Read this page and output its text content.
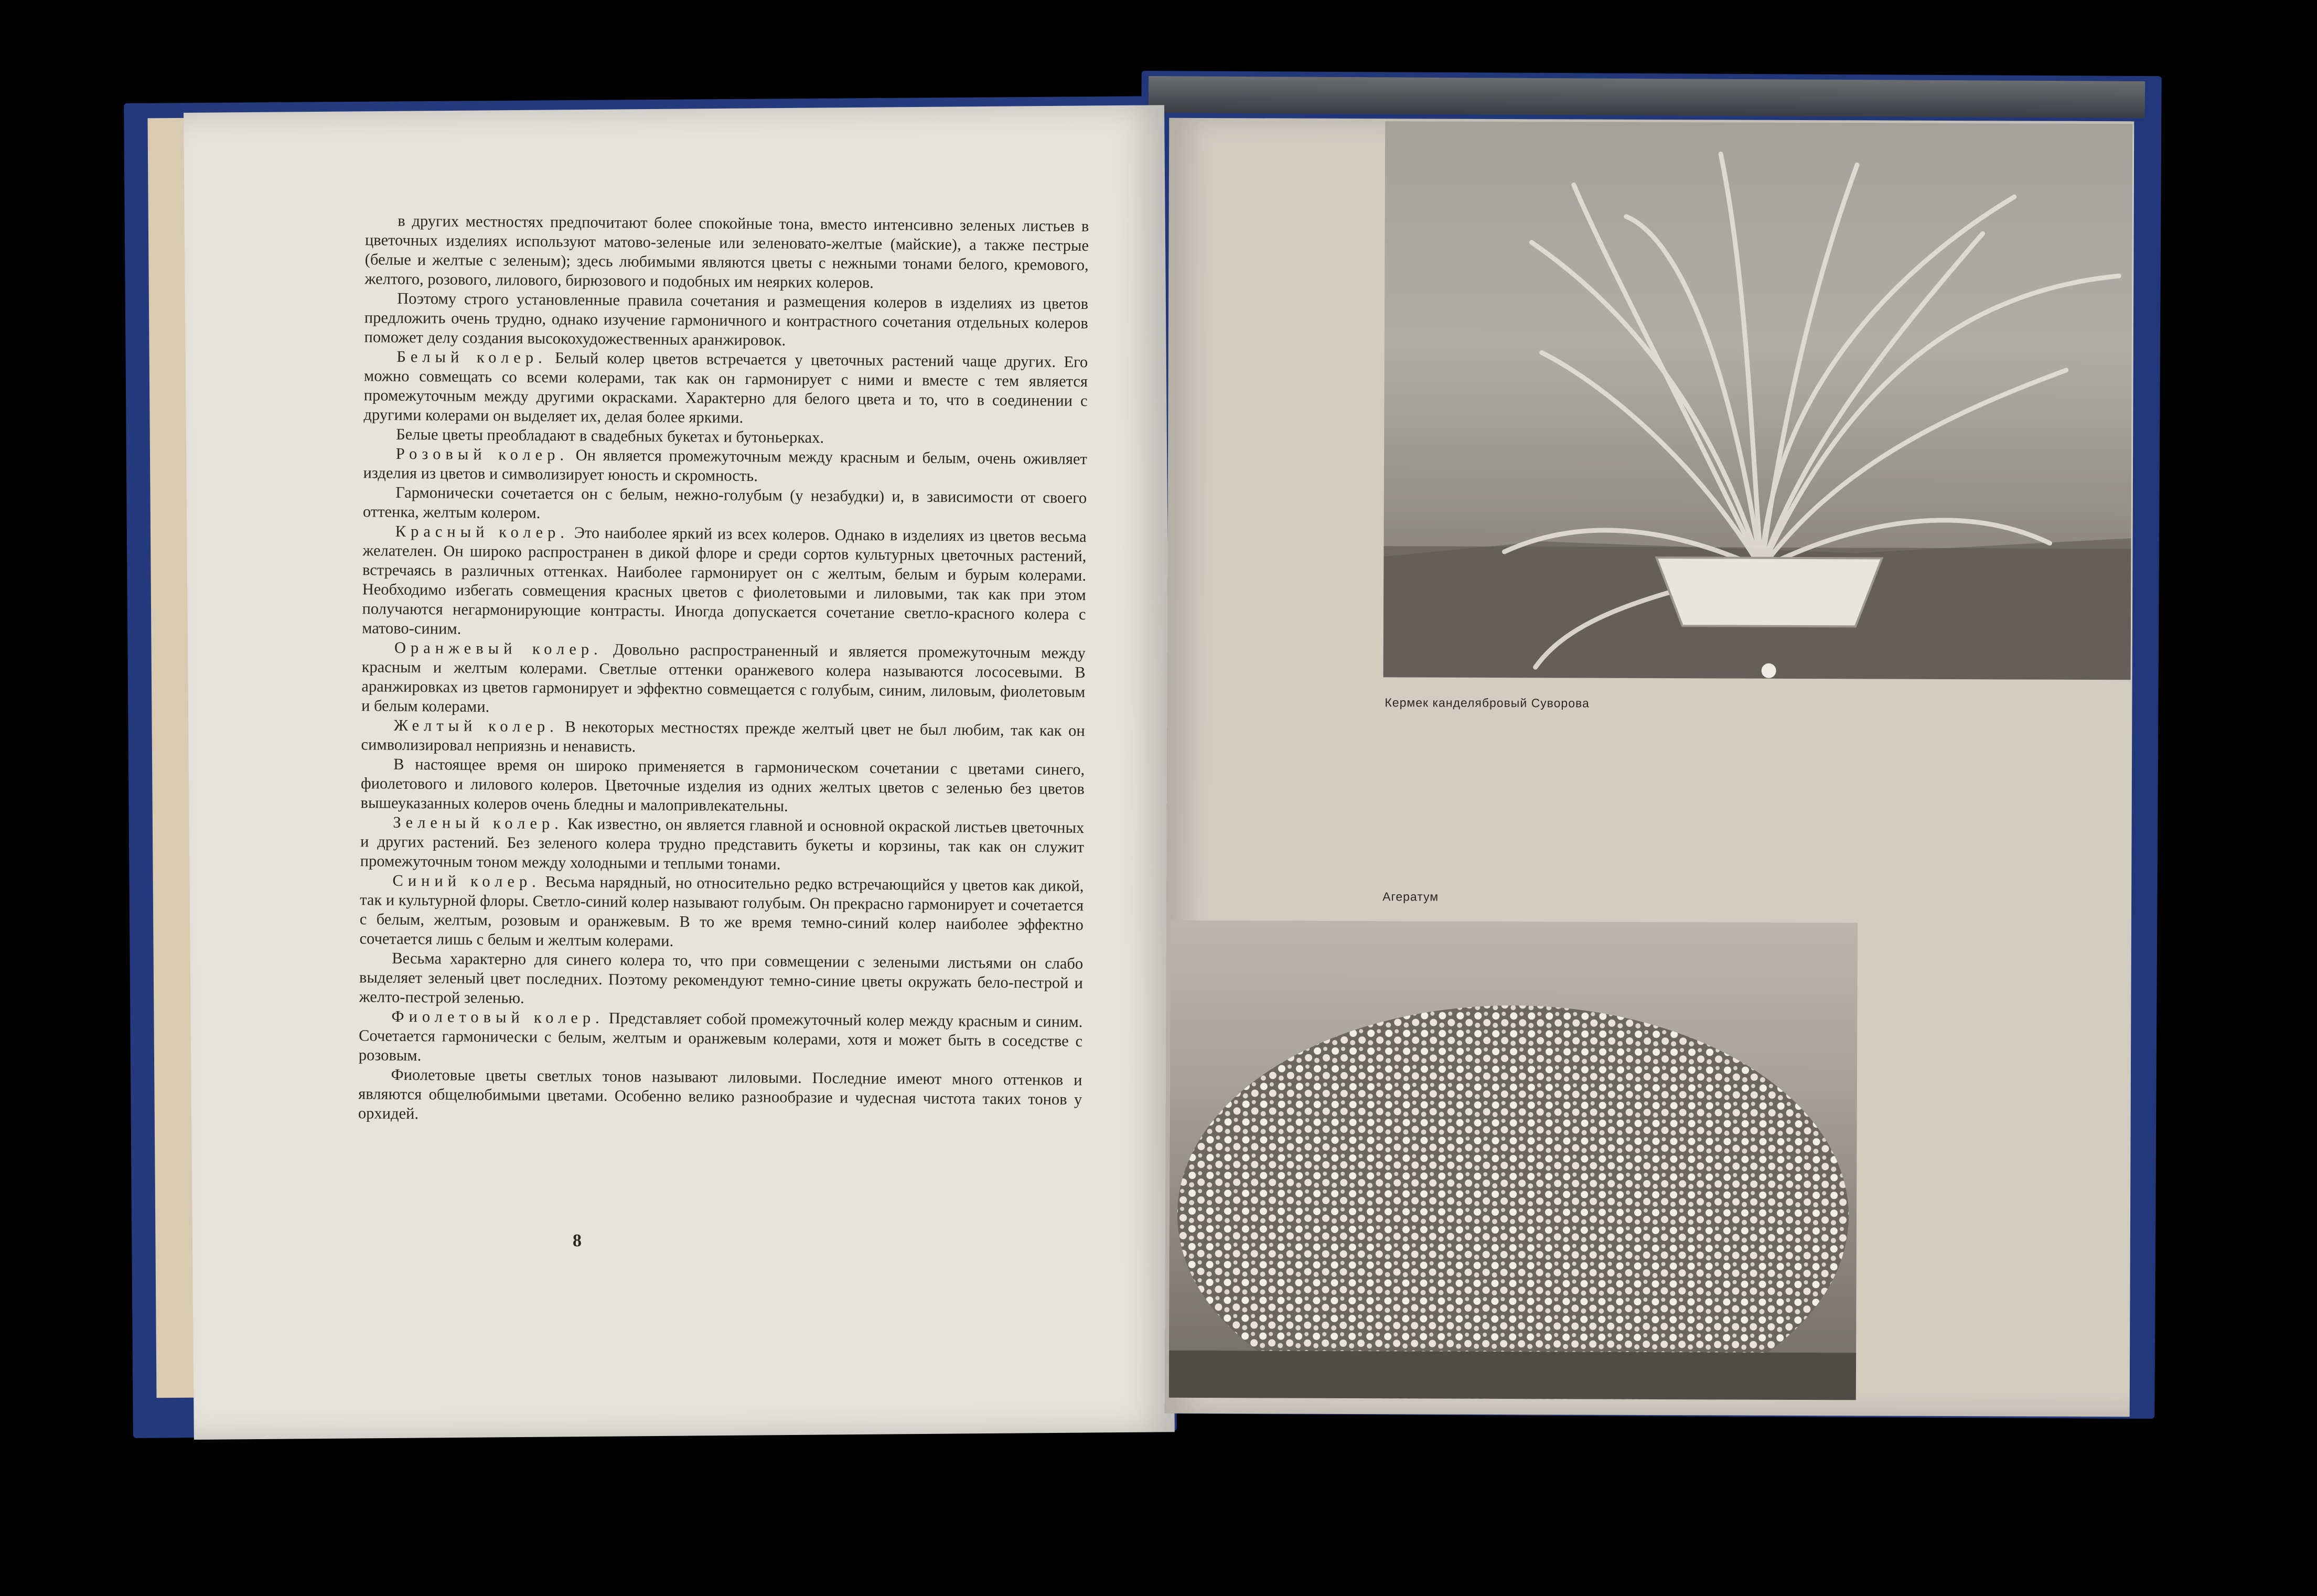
в других местностях предпочитают более спокойные тона, вместо интенсивно зеленых листьев в цветочных изделиях используют матово-зеленые или зеленовато-желтые (майские), а также пестрые (белые и желтые с зеленым); здесь любимыми являются цветы с нежными тонами белого, кремового, желтого, розового, лилового, бирюзового и подобных им неярких колеров.

Поэтому строго установленные правила сочетания и размещения колеров в изделиях из цветов предложить очень трудно, однако изучение гармоничного и контрастного сочетания отдельных колеров поможет делу создания высокохудожественных аранжировок.

Белый колер. Белый колер цветов встречается у цветочных растений чаще других. Его можно совмещать со всеми колерами, так как он гармонирует с ними и вместе с тем является промежуточным между другими окрасками. Характерно для белого цвета и то, что в соединении с другими колерами он выделяет их, делая более яркими.

Белые цветы преобладают в свадебных букетах и бутоньерках.

Розовый колер. Он является промежуточным между красным и белым, очень оживляет изделия из цветов и символизирует юность и скромность.

Гармонически сочетается он с белым, нежно-голубым (у незабудки) и, в зависимости от своего оттенка, желтым колером.

Красный колер. Это наиболее яркий из всех колеров. Однако в изделиях из цветов весьма желателен. Он широко распространен в дикой флоре и среди сортов культурных цветочных растений, встречаясь в различных оттенках. Наиболее гармонирует он с желтым, белым и бурым колерами. Необходимо избегать совмещения красных цветов с фиолетовыми и лиловыми, так как при этом получаются негармонирующие контрасты. Иногда допускается сочетание светло-красного колера с матово-синим.

Оранжевый колер. Довольно распространенный и является промежуточным между красным и желтым колерами. Светлые оттенки оранжевого колера называются лососевыми. В аранжировках из цветов гармонирует и эффектно совмещается с голубым, синим, лиловым, фиолетовым и белым колерами.

Желтый колер. В некоторых местностях прежде желтый цвет не был любим, так как он символизировал неприязнь и ненависть.

В настоящее время он широко применяется в гармоническом сочетании с цветами синего, фиолетового и лилового колеров. Цветочные изделия из одних желтых цветов с зеленью без цветов вышеуказанных колеров очень бледны и малопривлекательны.

Зеленый колер. Как известно, он является главной и основной окраской листьев цветочных и других растений. Без зеленого колера трудно представить букеты и корзины, так как он служит промежуточным тоном между холодными и теплыми тонами.

Синий колер. Весьма нарядный, но относительно редко встречающийся у цветов как дикой, так и культурной флоры. Светло-синий колер называют голубым. Он прекрасно гармонирует и сочетается с белым, желтым, розовым и оранжевым. В то же время темно-синий колер наиболее эффектно сочетается лишь с белым и желтым колерами.

Весьма характерно для синего колера то, что при совмещении с зелеными листьями он слабо выделяет зеленый цвет последних. Поэтому рекомендуют темно-синие цветы окружать бело-пестрой и желто-пестрой зеленью.

Фиолетовый колер. Представляет собой промежуточный колер между красным и синим. Сочетается гармонически с белым, желтым и оранжевым колерами, хотя и может быть в соседстве с розовым.

Фиолетовые цветы светлых тонов называют лиловыми. Последние имеют много оттенков и являются общелюбимыми цветами. Особенно велико разнообразие и чудесная чистота таких тонов у орхидей.

8
Кермек канделябровый Суворова
Агератум
